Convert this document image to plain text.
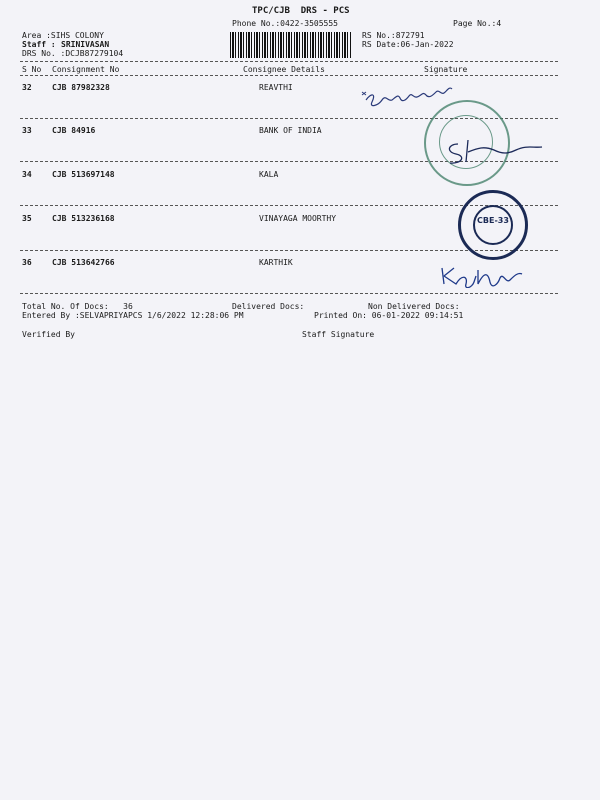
TPC/CJB  DRS - PCS
Phone No.:0422-3505555	Page No.:4
Area :SIHS COLONY
Staff : SRINIVASAN
DRS No. :DCJB87279104
RS No.:872791
RS Date:06-Jan-2022
S No Consignment No	Consignee Details	Signature
32	CJB 87982328	REAVTHI
33	CJB 84916	BANK OF INDIA
34	CJB 513697148	KALA
35	CJB 513236168	VINAYAGA MOORTHY
36	CJB 513642766	KARTHIK
Total No. Of Docs:   36	Delivered Docs:	Non Delivered Docs:
Entered By :SELVAPRIYAPCS 1/6/2022 12:28:06 PM	Printed On: 06-01-2022 09:14:51
Verified By	Staff Signature
CBE-33
